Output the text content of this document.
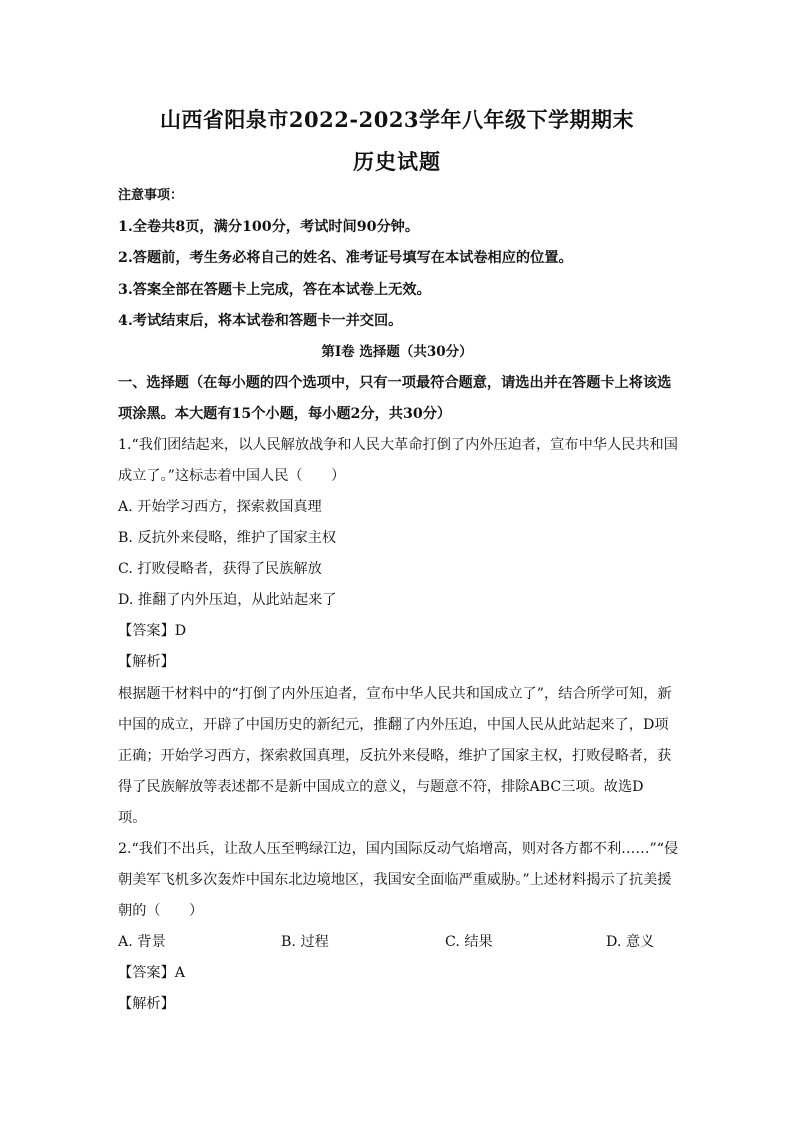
山西省阳泉市2022-2023学年八年级下学期期末
历史试题
注意事项：
1.全卷共8页，满分100分，考试时间90分钟。
2.答题前，考生务必将自己的姓名、准考证号填写在本试卷相应的位置。
3.答案全部在答题卡上完成，答在本试卷上无效。
4.考试结束后，将本试卷和答题卡一并交回。
第Ⅰ卷 选择题（共30分）
一、选择题（在每小题的四个选项中，只有一项最符合题意，请选出并在答题卡上将该选
项涂黑。本大题有15个小题，每小题2分，共30分）
1.“我们团结起来，以人民解放战争和人民大革命打倒了内外压迫者，宣布中华人民共和国
成立了。”这标志着中国人民（　　）
A. 开始学习西方，探索救国真理
B. 反抗外来侵略，维护了国家主权
C. 打败侵略者，获得了民族解放
D. 推翻了内外压迫，从此站起来了
【答案】D
【解析】
根据题干材料中的“打倒了内外压迫者，宣布中华人民共和国成立了”，结合所学可知，新
中国的成立，开辟了中国历史的新纪元，推翻了内外压迫，中国人民从此站起来了，D项
正确；开始学习西方，探索救国真理，反抗外来侵略，维护了国家主权，打败侵略者，获
得了民族解放等表述都不是新中国成立的意义，与题意不符，排除ABC三项。故选D
项。
2.“我们不出兵，让敌人压至鸭绿江边，国内国际反动气焰增高，则对各方都不利……”“侵
朝美军飞机多次轰炸中国东北边境地区，我国安全面临严重威胁。”上述材料揭示了抗美援
朝的（　　）
A. 背景	B. 过程	C. 结果	D. 意义
【答案】A
【解析】
